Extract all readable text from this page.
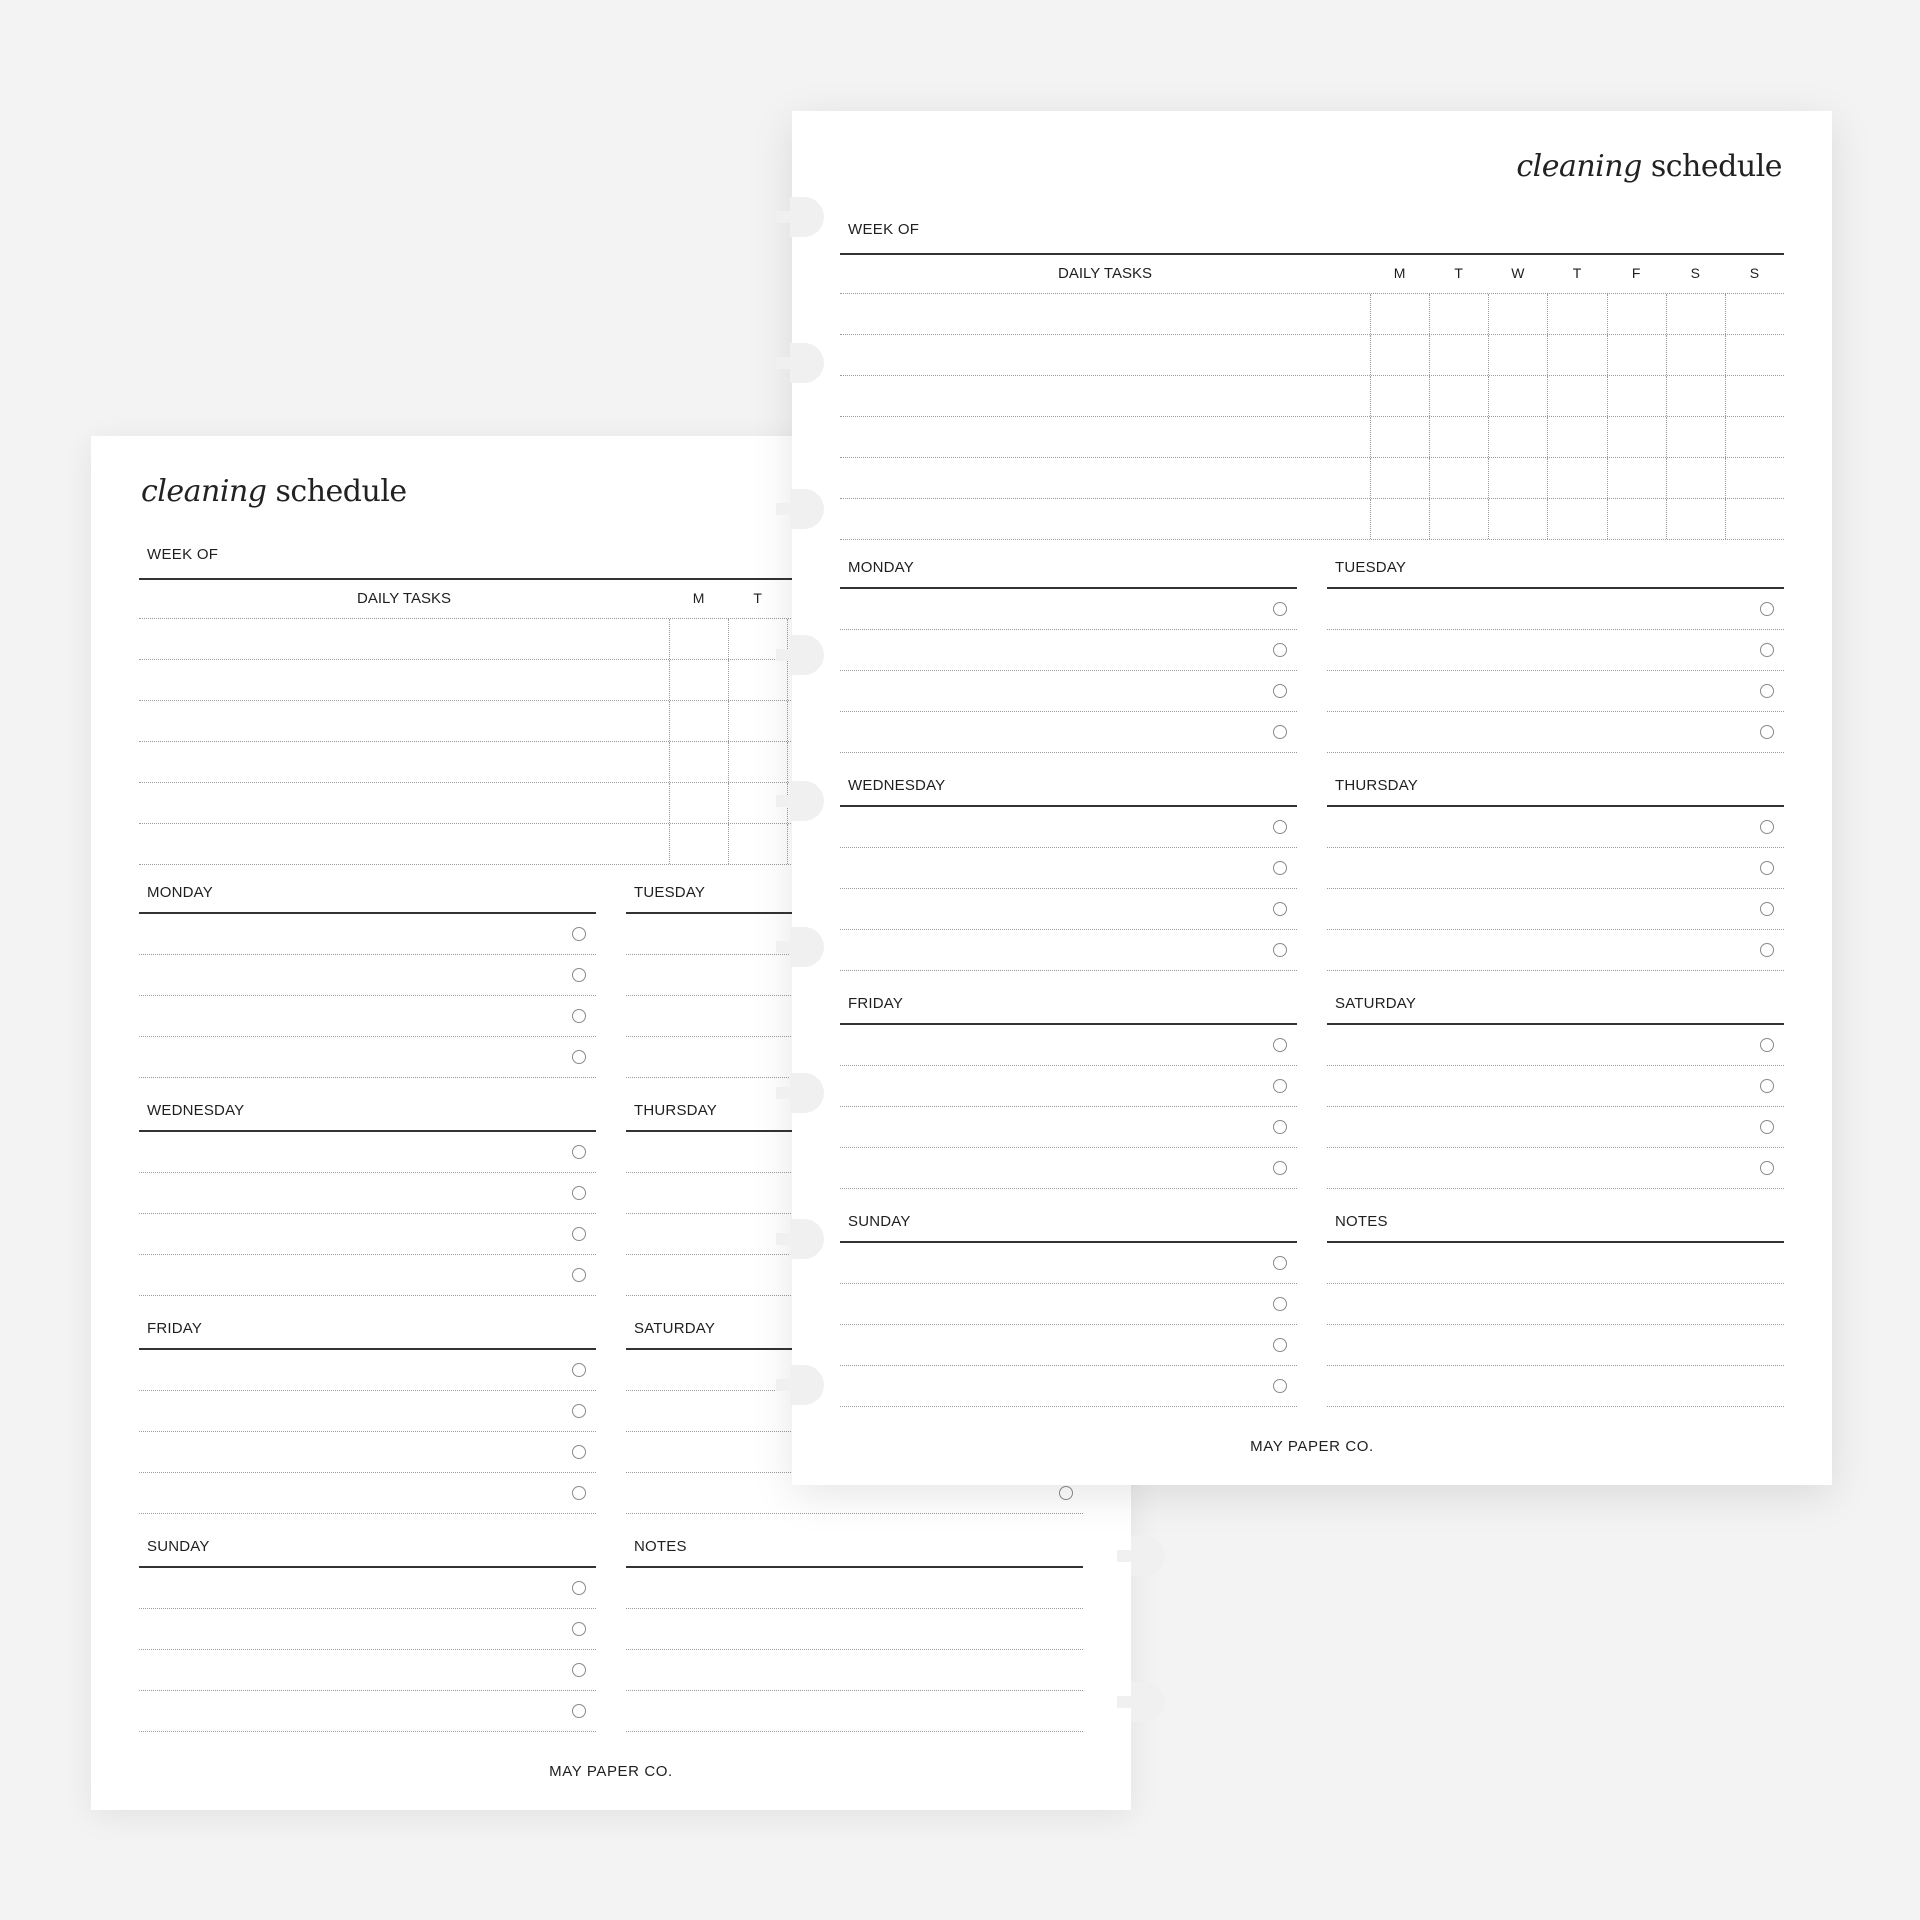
cleaning schedule
WEEK OF
DAILY TASKS	M	T
MONDAY	TUESDAY
WEDNESDAY	THURSDAY
FRIDAY	SATURDAY
SUNDAY	NOTES
MAY PAPER CO.
cleaning schedule
WEEK OF
DAILY TASKS	M	T	W	T	F	S	S
MONDAY	TUESDAY
WEDNESDAY	THURSDAY
FRIDAY	SATURDAY
SUNDAY	NOTES
MAY PAPER CO.
